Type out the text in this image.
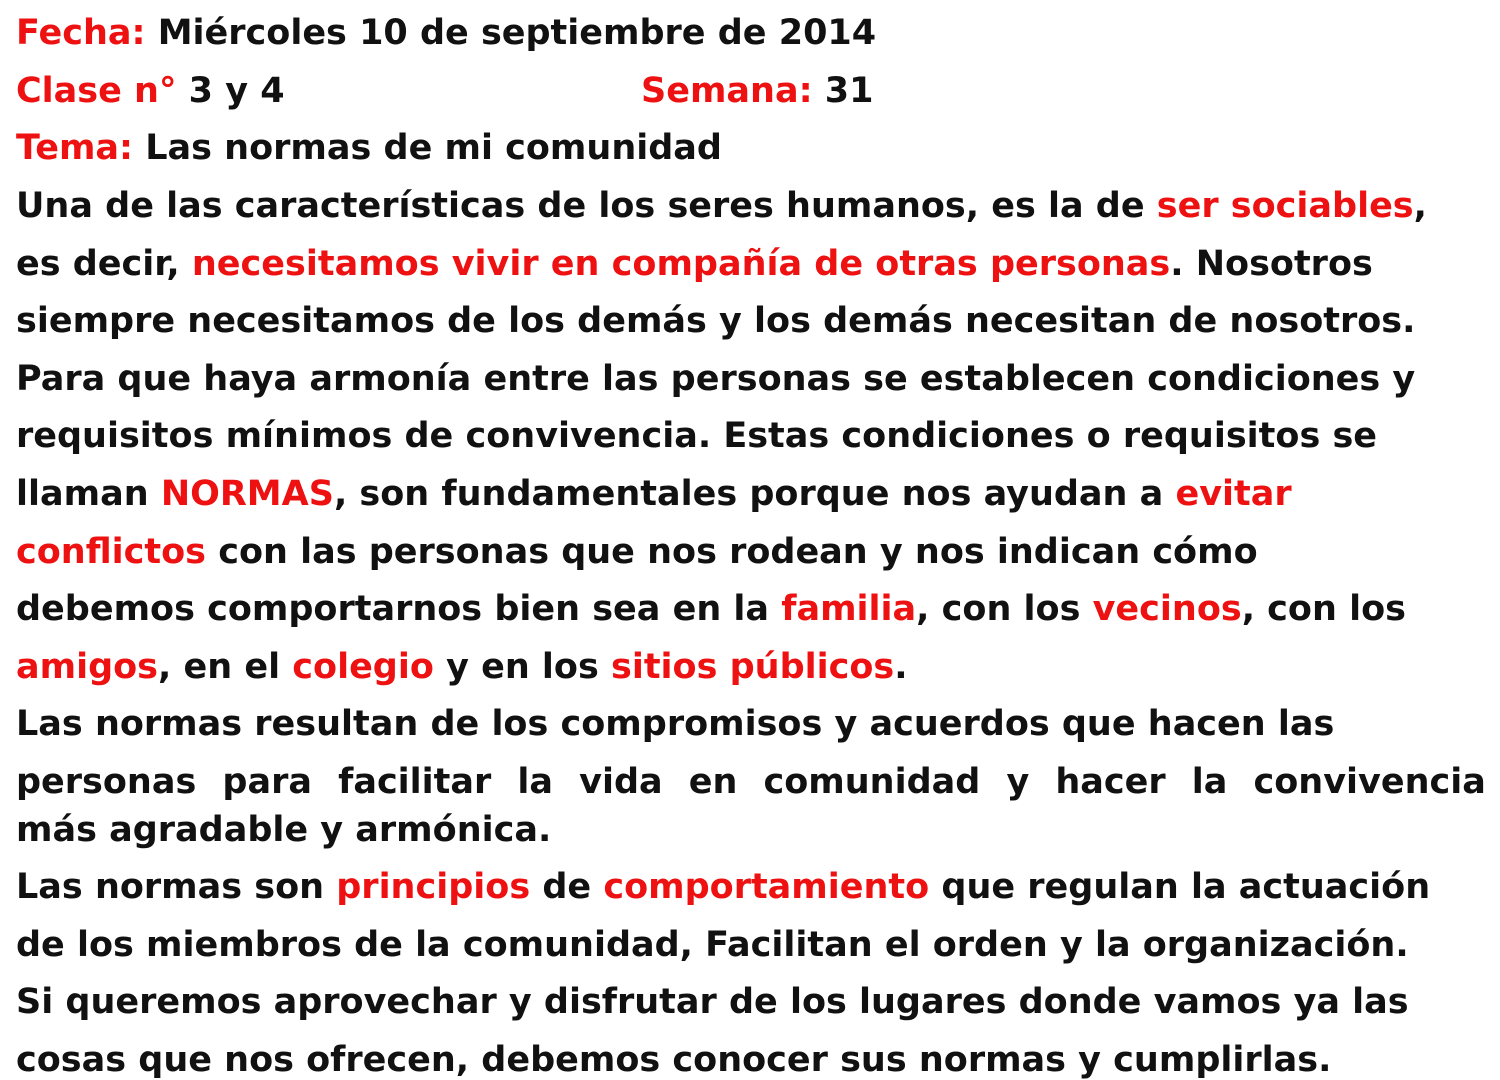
Fecha: Miércoles 10 de septiembre de 2014
Clase n° 3 y 4	Semana: 31
Tema: Las normas de mi comunidad
Una de las características de los seres humanos, es la de ser sociables,
es decir, necesitamos vivir en compañía de otras personas. Nosotros
siempre necesitamos de los demás y los demás necesitan de nosotros.
Para que haya armonía entre las personas se establecen condiciones y
requisitos mínimos de convivencia. Estas condiciones o requisitos se
llaman NORMAS, son fundamentales porque nos ayudan a evitar
conflictos con las personas que nos rodean y nos indican cómo
debemos comportarnos bien sea en la familia, con los vecinos, con los
amigos, en el colegio y en los sitios públicos.
Las normas resultan de los compromisos y acuerdos que hacen las
personas para facilitar la vida en comunidad y hacer la convivencia
más agradable y armónica.
Las normas son principios de comportamiento que regulan la actuación
de los miembros de la comunidad, Facilitan el orden y la organización.
Si queremos aprovechar y disfrutar de los lugares donde vamos ya las
cosas que nos ofrecen, debemos conocer sus normas y cumplirlas.
